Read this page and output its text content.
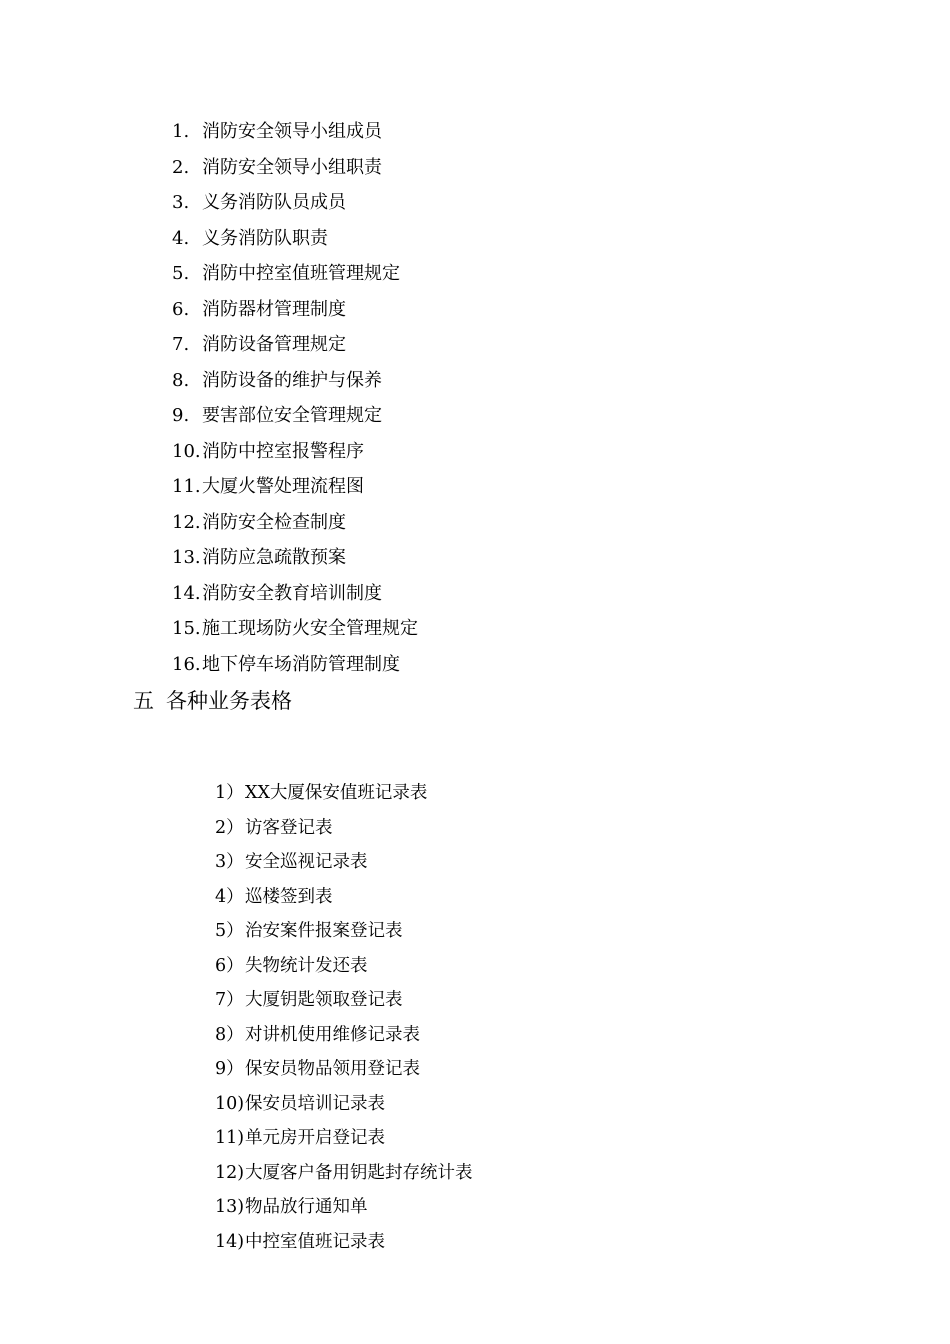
1. 消防安全领导小组成员
2. 消防安全领导小组职责
3. 义务消防队员成员
4. 义务消防队职责
5. 消防中控室值班管理规定
6. 消防器材管理制度
7. 消防设备管理规定
8. 消防设备的维护与保养
9. 要害部位安全管理规定
10.消防中控室报警程序
11.大厦火警处理流程图
12.消防安全检查制度
13.消防应急疏散预案
14.消防安全教育培训制度
15.施工现场防火安全管理规定
16.地下停车场消防管理制度
五 各种业务表格
1）XX大厦保安值班记录表
2）访客登记表
3）安全巡视记录表
4）巡楼签到表
5）治安案件报案登记表
6）失物统计发还表
7）大厦钥匙领取登记表
8）对讲机使用维修记录表
9）保安员物品领用登记表
10)保安员培训记录表
11)单元房开启登记表
12)大厦客户备用钥匙封存统计表
13)物品放行通知单
14)中控室值班记录表
